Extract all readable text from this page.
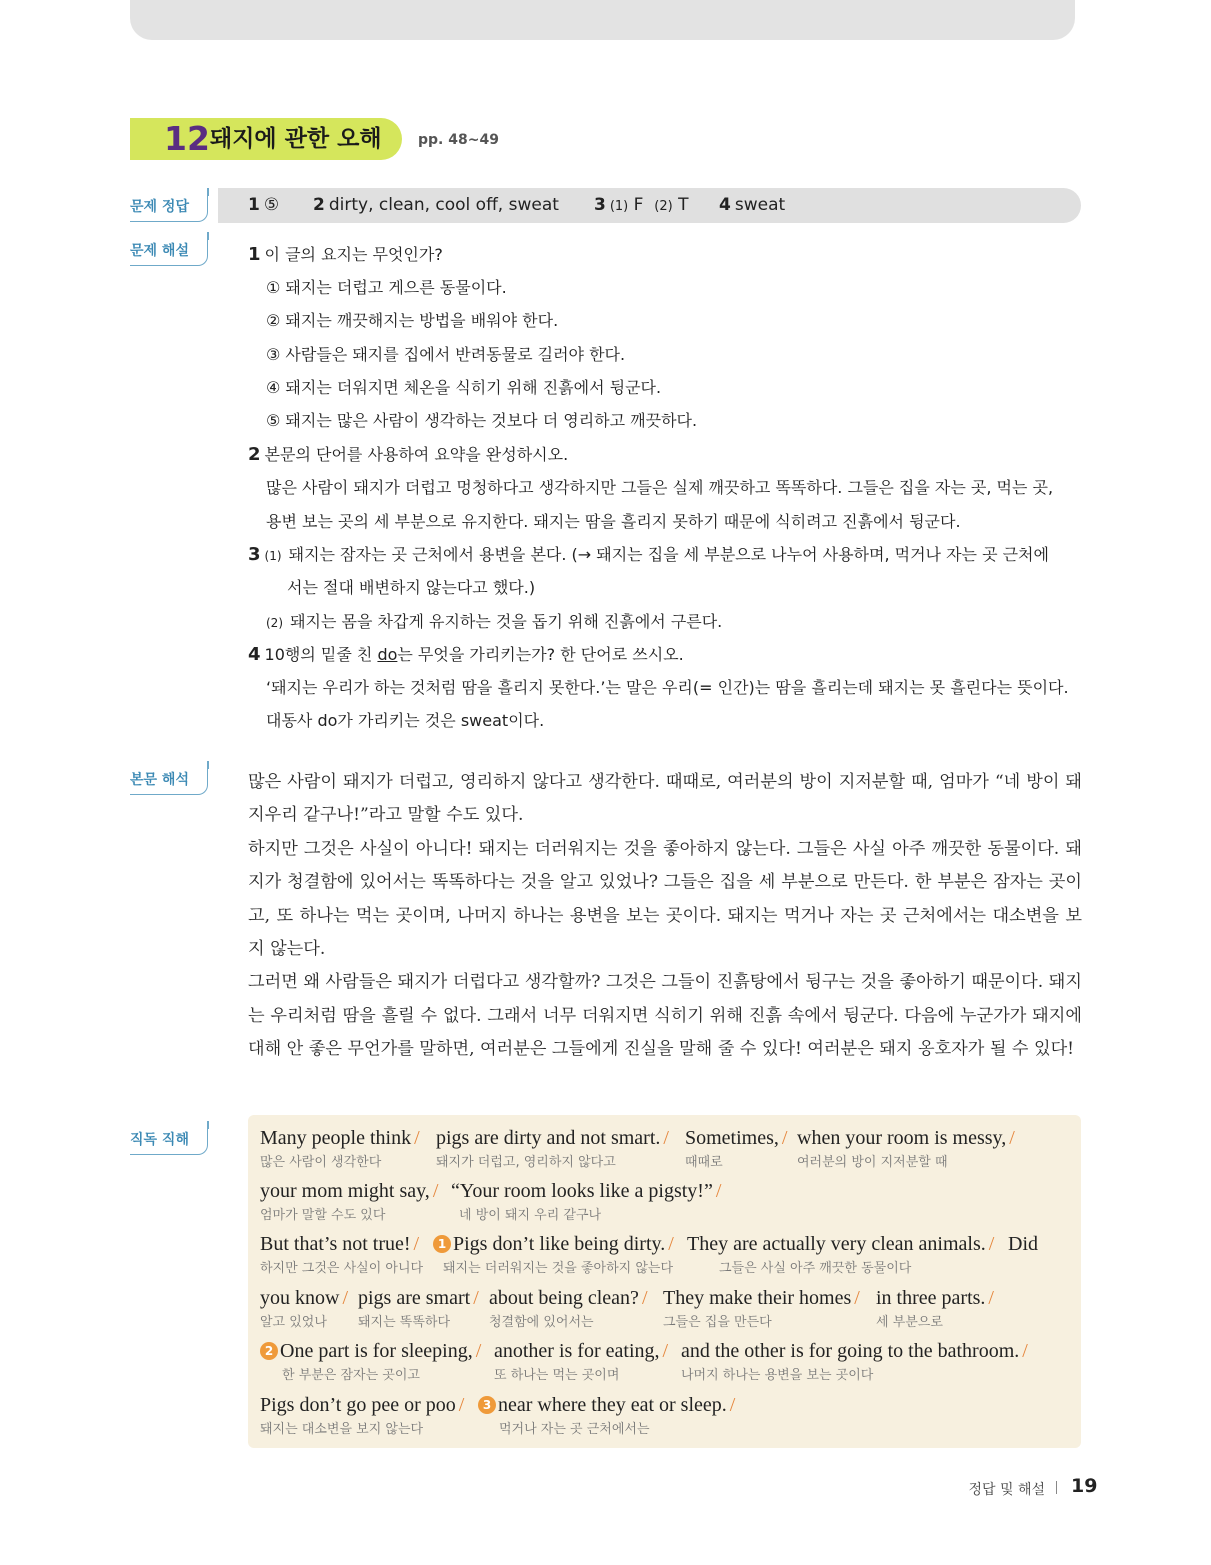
12 돼지에 관한 오해	pp. 48~49
문제 정답	1 ⑤ 2 dirty, clean, cool off, sweat 3 (1) F (2) T 4 sweat
문제 해설	1 이 글의 요지는 무엇인가?
① 돼지는 더럽고 게으른 동물이다.
② 돼지는 깨끗해지는 방법을 배워야 한다.
③ 사람들은 돼지를 집에서 반려동물로 길러야 한다.
④ 돼지는 더워지면 체온을 식히기 위해 진흙에서 뒹군다.
⑤ 돼지는 많은 사람이 생각하는 것보다 더 영리하고 깨끗하다.
2 본문의 단어를 사용하여 요약을 완성하시오.
많은 사람이 돼지가 더럽고 멍청하다고 생각하지만 그들은 실제 깨끗하고 똑똑하다. 그들은 집을 자는 곳, 먹는 곳,
용변 보는 곳의 세 부분으로 유지한다. 돼지는 땀을 흘리지 못하기 때문에 식히려고 진흙에서 뒹군다.
3 (1) 돼지는 잠자는 곳 근처에서 용변을 본다. (→ 돼지는 집을 세 부분으로 나누어 사용하며, 먹거나 자는 곳 근처에
서는 절대 배변하지 않는다고 했다.)
(2) 돼지는 몸을 차갑게 유지하는 것을 돕기 위해 진흙에서 구른다.
4 10행의 밑줄 친 do는 무엇을 가리키는가? 한 단어로 쓰시오.
‘돼지는 우리가 하는 것처럼 땀을 흘리지 못한다.’는 말은 우리(= 인간)는 땀을 흘리는데 돼지는 못 흘린다는 뜻이다.
대동사 do가 가리키는 것은 sweat이다.
본문 해석	많은 사람이 돼지가 더럽고, 영리하지 않다고 생각한다. 때때로, 여러분의 방이 지저분할 때, 엄마가 “네 방이 돼지우리 같구나!”라고 말할 수도 있다.

하지만 그것은 사실이 아니다! 돼지는 더러워지는 것을 좋아하지 않는다. 그들은 사실 아주 깨끗한 동물이다. 돼지가 청결함에 있어서는 똑똑하다는 것을 알고 있었나? 그들은 집을 세 부분으로 만든다. 한 부분은 잠자는 곳이고, 또 하나는 먹는 곳이며, 나머지 하나는 용변을 보는 곳이다. 돼지는 먹거나 자는 곳 근처에서는 대소변을 보지 않는다.

그러면 왜 사람들은 돼지가 더럽다고 생각할까? 그것은 그들이 진흙탕에서 뒹구는 것을 좋아하기 때문이다. 돼지는 우리처럼 땀을 흘릴 수 없다. 그래서 너무 더워지면 식히기 위해 진흙 속에서 뒹군다. 다음에 누군가가 돼지에 대해 안 좋은 무언가를 말하면, 여러분은 그들에게 진실을 말해 줄 수 있다! 여러분은 돼지 옹호자가 될 수 있다!

직독 직해	Many people think /
많은 사람이 생각한다
pigs are dirty and not smart. /
돼지가 더럽고, 영리하지 않다고
Sometimes, /
때때로
when your room is messy, /
여러분의 방이 지저분할 때
your mom might say, /
엄마가 말할 수도 있다
“Your room looks like a pigsty!” /
네 방이 돼지 우리 같구나
But that’s not true! /
하지만 그것은 사실이 아니다
1 Pigs don’t like being dirty. /
돼지는 더러워지는 것을 좋아하지 않는다
They are actually very clean animals. /
그들은 사실 아주 깨끗한 동물이다
Did
you know /
알고 있었나
pigs are smart /
돼지는 똑똑하다
about being clean? /
청결함에 있어서는
They make their homes /
그들은 집을 만든다
in three parts. /
세 부분으로
2 One part is for sleeping, /
한 부분은 잠자는 곳이고
another is for eating, /
또 하나는 먹는 곳이며
and the other is for going to the bathroom. /
나머지 하나는 용변을 보는 곳이다
Pigs don’t go pee or poo /
돼지는 대소변을 보지 않는다
3 near where they eat or sleep. /
먹거나 자는 곳 근처에서는
정답 및 해설 19
